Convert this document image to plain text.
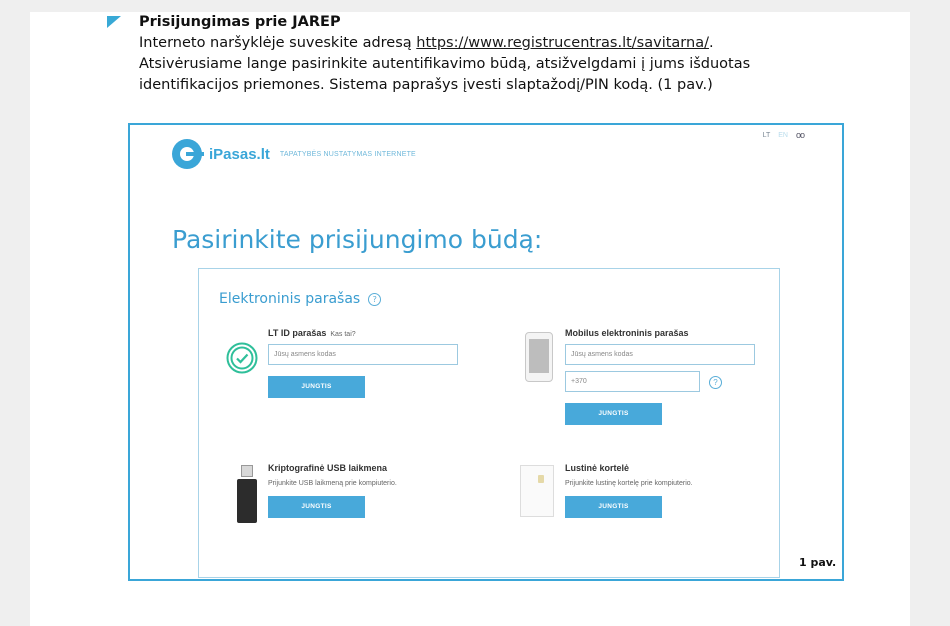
Prisijungimas prie JAREP
Interneto naršyklėje suveskite adresą https://www.registrucentras.lt/savitarna/.
Atsivėrusiame lange pasirinkite autentifikavimo būdą, atsižvelgdami į jums išduotas
identifikacijos priemones. Sistema paprašys įvesti slaptažodį/PIN kodą. (1 pav.)
LT EN oo
iPasas.lt TAPATYBĖS NUSTATYMAS INTERNETE
Pasirinkite prisijungimo būdą:
Elektroninis parašas ?
LT ID parašas Kas tai?
Jūsų asmens kodas
JUNGTIS
Mobilus elektroninis parašas
Jūsų asmens kodas
+370	?
JUNGTIS
Kriptografinė USB laikmena
Prijunkite USB laikmeną prie kompiuterio.
JUNGTIS
Lustinė kortelė
Prijunkite lustinę kortelę prie kompiuterio.
JUNGTIS
1 pav.
